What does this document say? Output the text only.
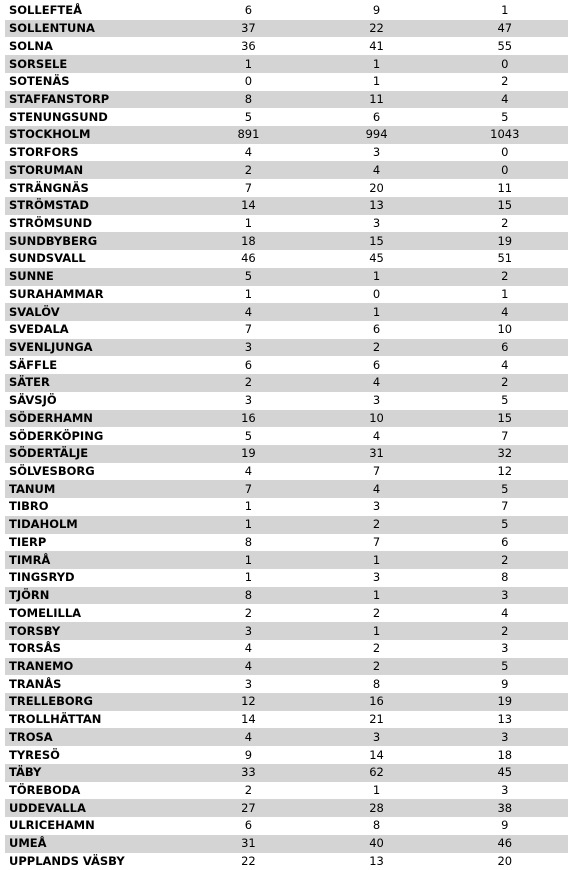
SOLLEFTEÅ		6		9		1
SOLLENTUNA		37		22		47
SOLNA		36		41		55
SORSELE		1		1		0
SOTENÄS		0		1		2
STAFFANSTORP		8		11		4
STENUNGSUND		5		6		5
STOCKHOLM		891		994		1043
STORFORS		4		3		0
STORUMAN		2		4		0
STRÄNGNÄS		7		20		11
STRÖMSTAD		14		13		15
STRÖMSUND		1		3		2
SUNDBYBERG		18		15		19
SUNDSVALL		46		45		51
SUNNE		5		1		2
SURAHAMMAR		1		0		1
SVALÖV		4		1		4
SVEDALA		7		6		10
SVENLJUNGA		3		2		6
SÄFFLE		6		6		4
SÄTER		2		4		2
SÄVSJÖ		3		3		5
SÖDERHAMN		16		10		15
SÖDERKÖPING		5		4		7
SÖDERTÄLJE		19		31		32
SÖLVESBORG		4		7		12
TANUM		7		4		5
TIBRO		1		3		7
TIDAHOLM		1		2		5
TIERP		8		7		6
TIMRÅ		1		1		2
TINGSRYD		1		3		8
TJÖRN		8		1		3
TOMELILLA		2		2		4
TORSBY		3		1		2
TORSÅS		4		2		3
TRANEMO		4		2		5
TRANÅS		3		8		9
TRELLEBORG		12		16		19
TROLLHÄTTAN		14		21		13
TROSA		4		3		3
TYRESÖ		9		14		18
TÄBY		33		62		45
TÖREBODA		2		1		3
UDDEVALLA		27		28		38
ULRICEHAMN		6		8		9
UMEÅ		31		40		46
UPPLANDS VÄSBY		22		13		20
